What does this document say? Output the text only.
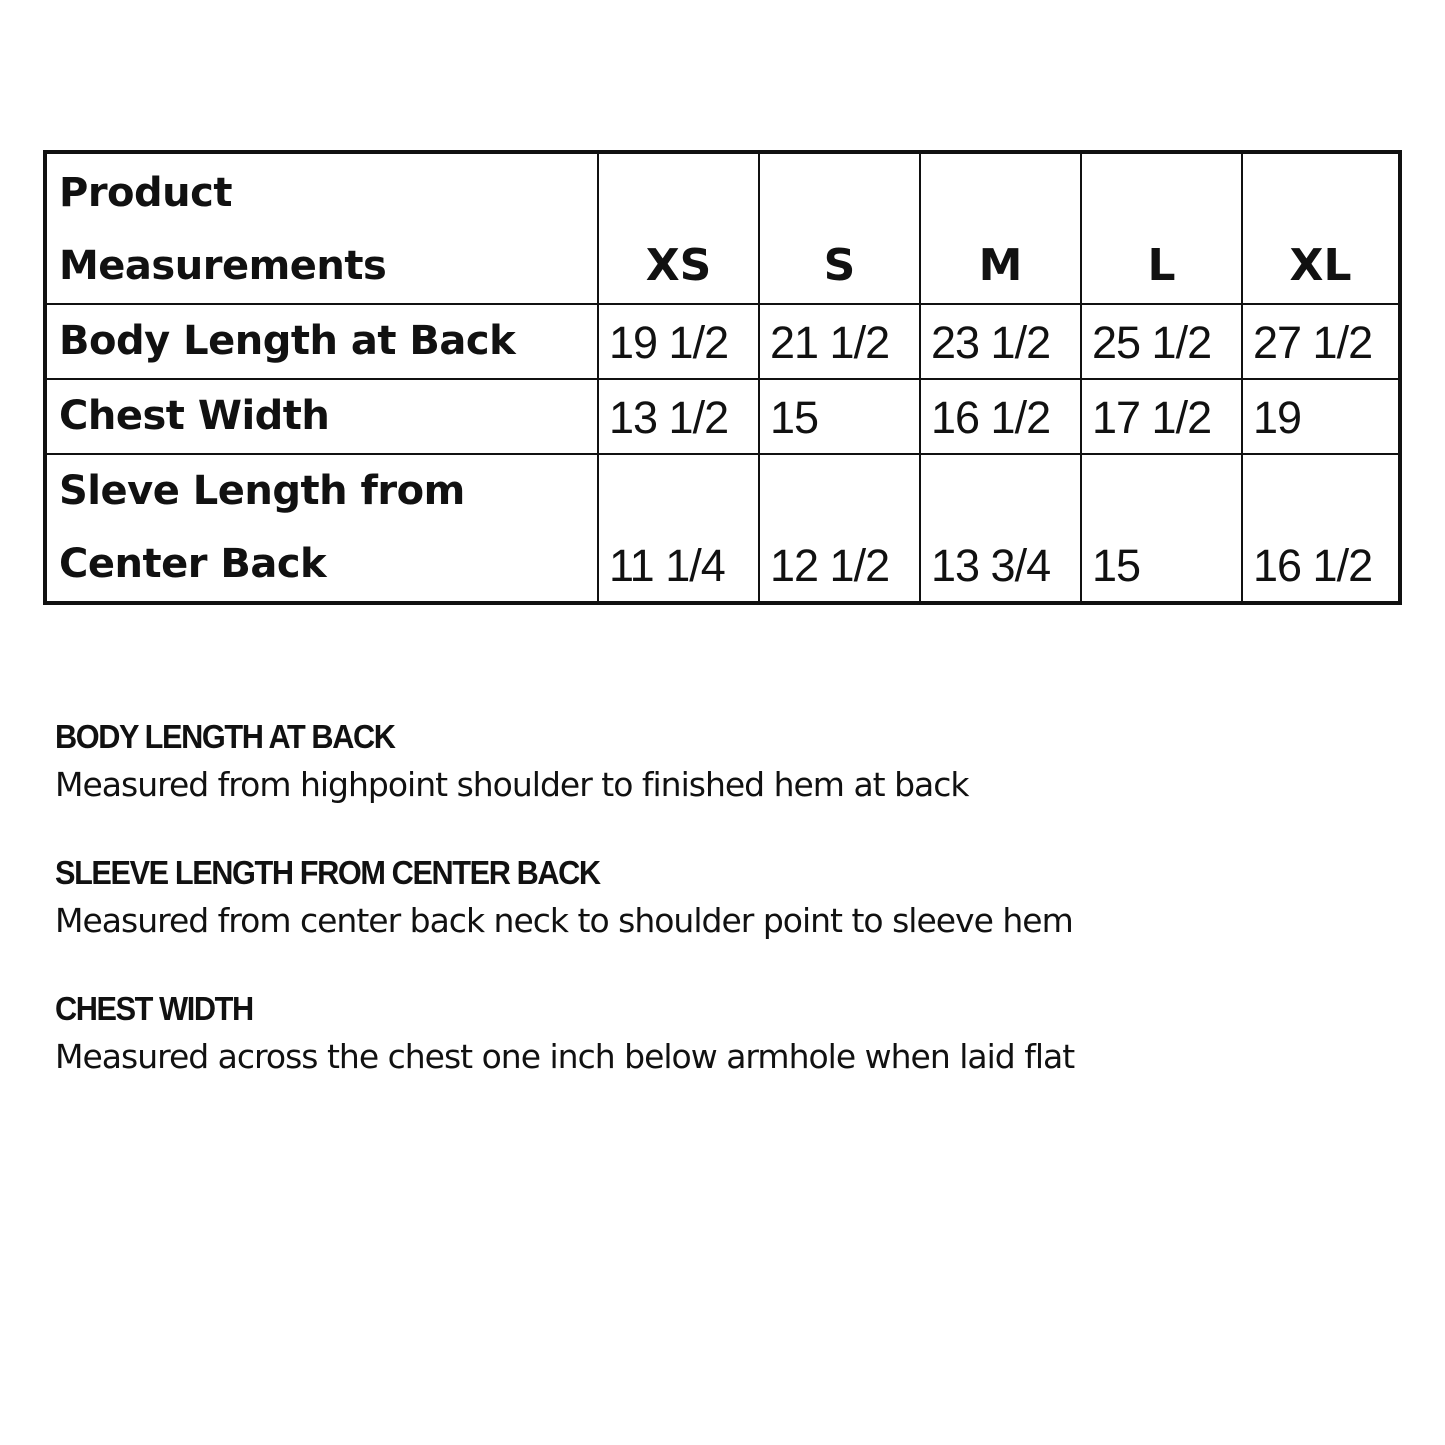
Product
Measurements	XS	S	M	L	XL

Body Length at Back	19 1/2	21 1/2	23 1/2	25 1/2	27 1/2

Chest Width	13 1/2	15	16 1/2	17 1/2	19

Sleve Length from
Center Back	11 1/4	12 1/2	13 3/4	15	16 1/2
BODY LENGTH AT BACK
Measured from highpoint shoulder to finished hem at back
SLEEVE LENGTH FROM CENTER BACK
Measured from center back neck to shoulder point to sleeve hem
CHEST WIDTH
Measured across the chest one inch below armhole when laid flat
